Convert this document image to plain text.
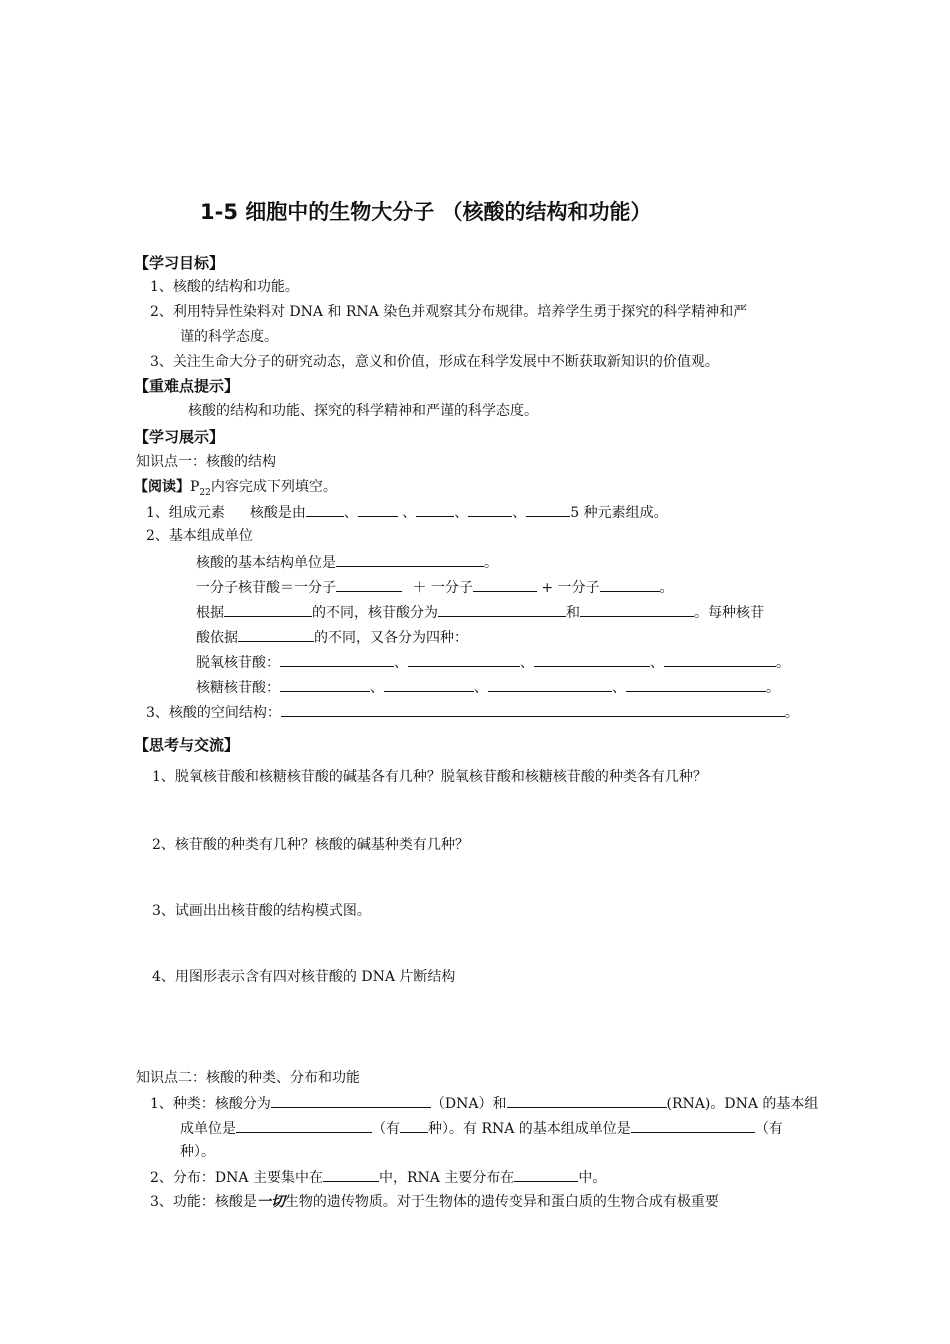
1-5 细胞中的生物大分子 （核酸的结构和功能）
【学习目标】
1、核酸的结构和功能。
2、利用特异性染料对 DNA 和 RNA 染色并观察其分布规律。培养学生勇于探究的科学精神和严
谨的科学态度。
3、关注生命大分子的研究动态，意义和价值，形成在科学发展中不断获取新知识的价值观。
【重难点提示】
核酸的结构和功能、探究的科学精神和严谨的科学态度。
【学习展示】
知识点一：核酸的结构
【阅读】$P_{22}$内容完成下列填空。
1、组成元素 核酸是由	、	、	、	、	5 种元素组成。
2、基本组成单位
核酸的基本结构单位是	。
一分子核苷酸＝一分子	＋ 一分子	+ 一分子	。
根据	的不同，核苷酸分为	和	。每种核苷
酸依据	的不同，又各分为四种：
脱氧核苷酸：	、	、	、	。
核糖核苷酸：	、	、	、	。
3、核酸的空间结构：	。
【思考与交流】
1、脱氧核苷酸和核糖核苷酸的碱基各有几种？脱氧核苷酸和核糖核苷酸的种类各有几种？
2、核苷酸的种类有几种？核酸的碱基种类有几种？
3、试画出出核苷酸的结构模式图。
4、用图形表示含有四对核苷酸的 DNA 片断结构
知识点二：核酸的种类、分布和功能
1、种类：核酸分为	（DNA）和	(RNA)。DNA 的基本组
成单位是	（有 种）。有 RNA 的基本组成单位是	（有
种）。
2、分布：DNA 主要集中在	中，RNA 主要分布在	中。
3、功能：核酸是一切生物的遗传物质。对于生物体的遗传变异和蛋白质的生物合成有极重要
